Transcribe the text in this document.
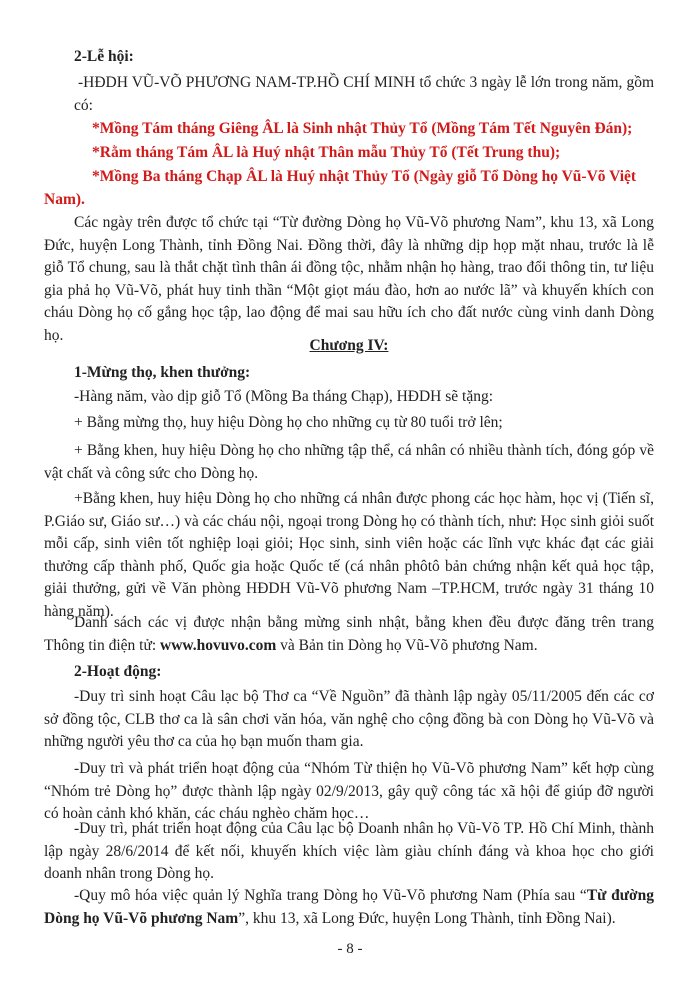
2-Lễ hội:

-HĐDH VŨ-VÕ PHƯƠNG NAM-TP.HỒ CHÍ MINH tổ chức 3 ngày lễ lớn trong năm, gồm có:

*Mồng Tám tháng Giêng ÂL là Sinh nhật Thủy Tổ (Mồng Tám Tết Nguyên Đán);

*Rằm tháng Tám ÂL là Huý nhật Thân mẫu Thủy Tổ (Tết Trung thu);

*Mồng Ba tháng Chạp ÂL là Huý nhật Thủy Tổ (Ngày giỗ Tổ Dòng họ Vũ-Võ Việt Nam).

Các ngày trên được tổ chức tại “Từ đường Dòng họ Vũ-Võ phương Nam”, khu 13, xã Long Đức, huyện Long Thành, tỉnh Đồng Nai. Đồng thời, đây là những dịp họp mặt nhau, trước là lễ giỗ Tổ chung, sau là thắt chặt tình thân ái đồng tộc, nhằm nhận họ hàng, trao đổi thông tin, tư liệu gia phả họ Vũ-Võ, phát huy tinh thần “Một giọt máu đào, hơn ao nước lã” và khuyến khích con cháu Dòng họ cố gắng học tập, lao động để mai sau hữu ích cho đất nước cùng vinh danh Dòng họ.

Chương IV:

1-Mừng thọ, khen thưởng:

-Hàng năm, vào dịp giỗ Tổ (Mồng Ba tháng Chạp), HĐDH sẽ tặng:

+ Bằng mừng thọ, huy hiệu Dòng họ cho những cụ từ 80 tuổi trở lên;

+ Bằng khen, huy hiệu Dòng họ cho những tập thể, cá nhân có nhiều thành tích, đóng góp về vật chất và công sức cho Dòng họ.

+Bằng khen, huy hiệu Dòng họ cho những cá nhân được phong các học hàm, học vị (Tiến sĩ, P.Giáo sư, Giáo sư…) và các cháu nội, ngoại trong Dòng họ có thành tích, như: Học sinh giỏi suốt mỗi cấp, sinh viên tốt nghiệp loại giỏi; Học sinh, sinh viên hoặc các lĩnh vực khác đạt các giải thưởng cấp thành phố, Quốc gia hoặc Quốc tế (cá nhân phôtô bản chứng nhận kết quả học tập, giải thưởng, gửi về Văn phòng HĐDH Vũ-Võ phương Nam –TP.HCM, trước ngày 31 tháng 10 hàng năm).

Danh sách các vị được nhận bằng mừng sinh nhật, bằng khen đều được đăng trên trang Thông tin điện tử: www.hovuvo.com và Bản tin Dòng họ Vũ-Võ phương Nam.

2-Hoạt động:

-Duy trì sinh hoạt Câu lạc bộ Thơ ca “Về Nguồn” đã thành lập ngày 05/11/2005 đến các cơ sở đồng tộc, CLB thơ ca là sân chơi văn hóa, văn nghệ cho cộng đồng bà con Dòng họ Vũ-Võ và những người yêu thơ ca của họ bạn muốn tham gia.

-Duy trì và phát triển hoạt động của “Nhóm Từ thiện họ Vũ-Võ phương Nam” kết hợp cùng “Nhóm trẻ Dòng họ” được thành lập ngày 02/9/2013, gây quỹ công tác xã hội để giúp đỡ người có hoàn cảnh khó khăn, các cháu nghèo chăm học…

-Duy trì, phát triển hoạt động của Câu lạc bộ Doanh nhân họ Vũ-Võ TP. Hồ Chí Minh, thành lập ngày 28/6/2014 để kết nối, khuyến khích việc làm giàu chính đáng và khoa học cho giới doanh nhân trong Dòng họ.

-Quy mô hóa việc quản lý Nghĩa trang Dòng họ Vũ-Võ phương Nam (Phía sau “Từ đường Dòng họ Vũ-Võ phương Nam”, khu 13, xã Long Đức, huyện Long Thành, tỉnh Đồng Nai).

- 8 -
